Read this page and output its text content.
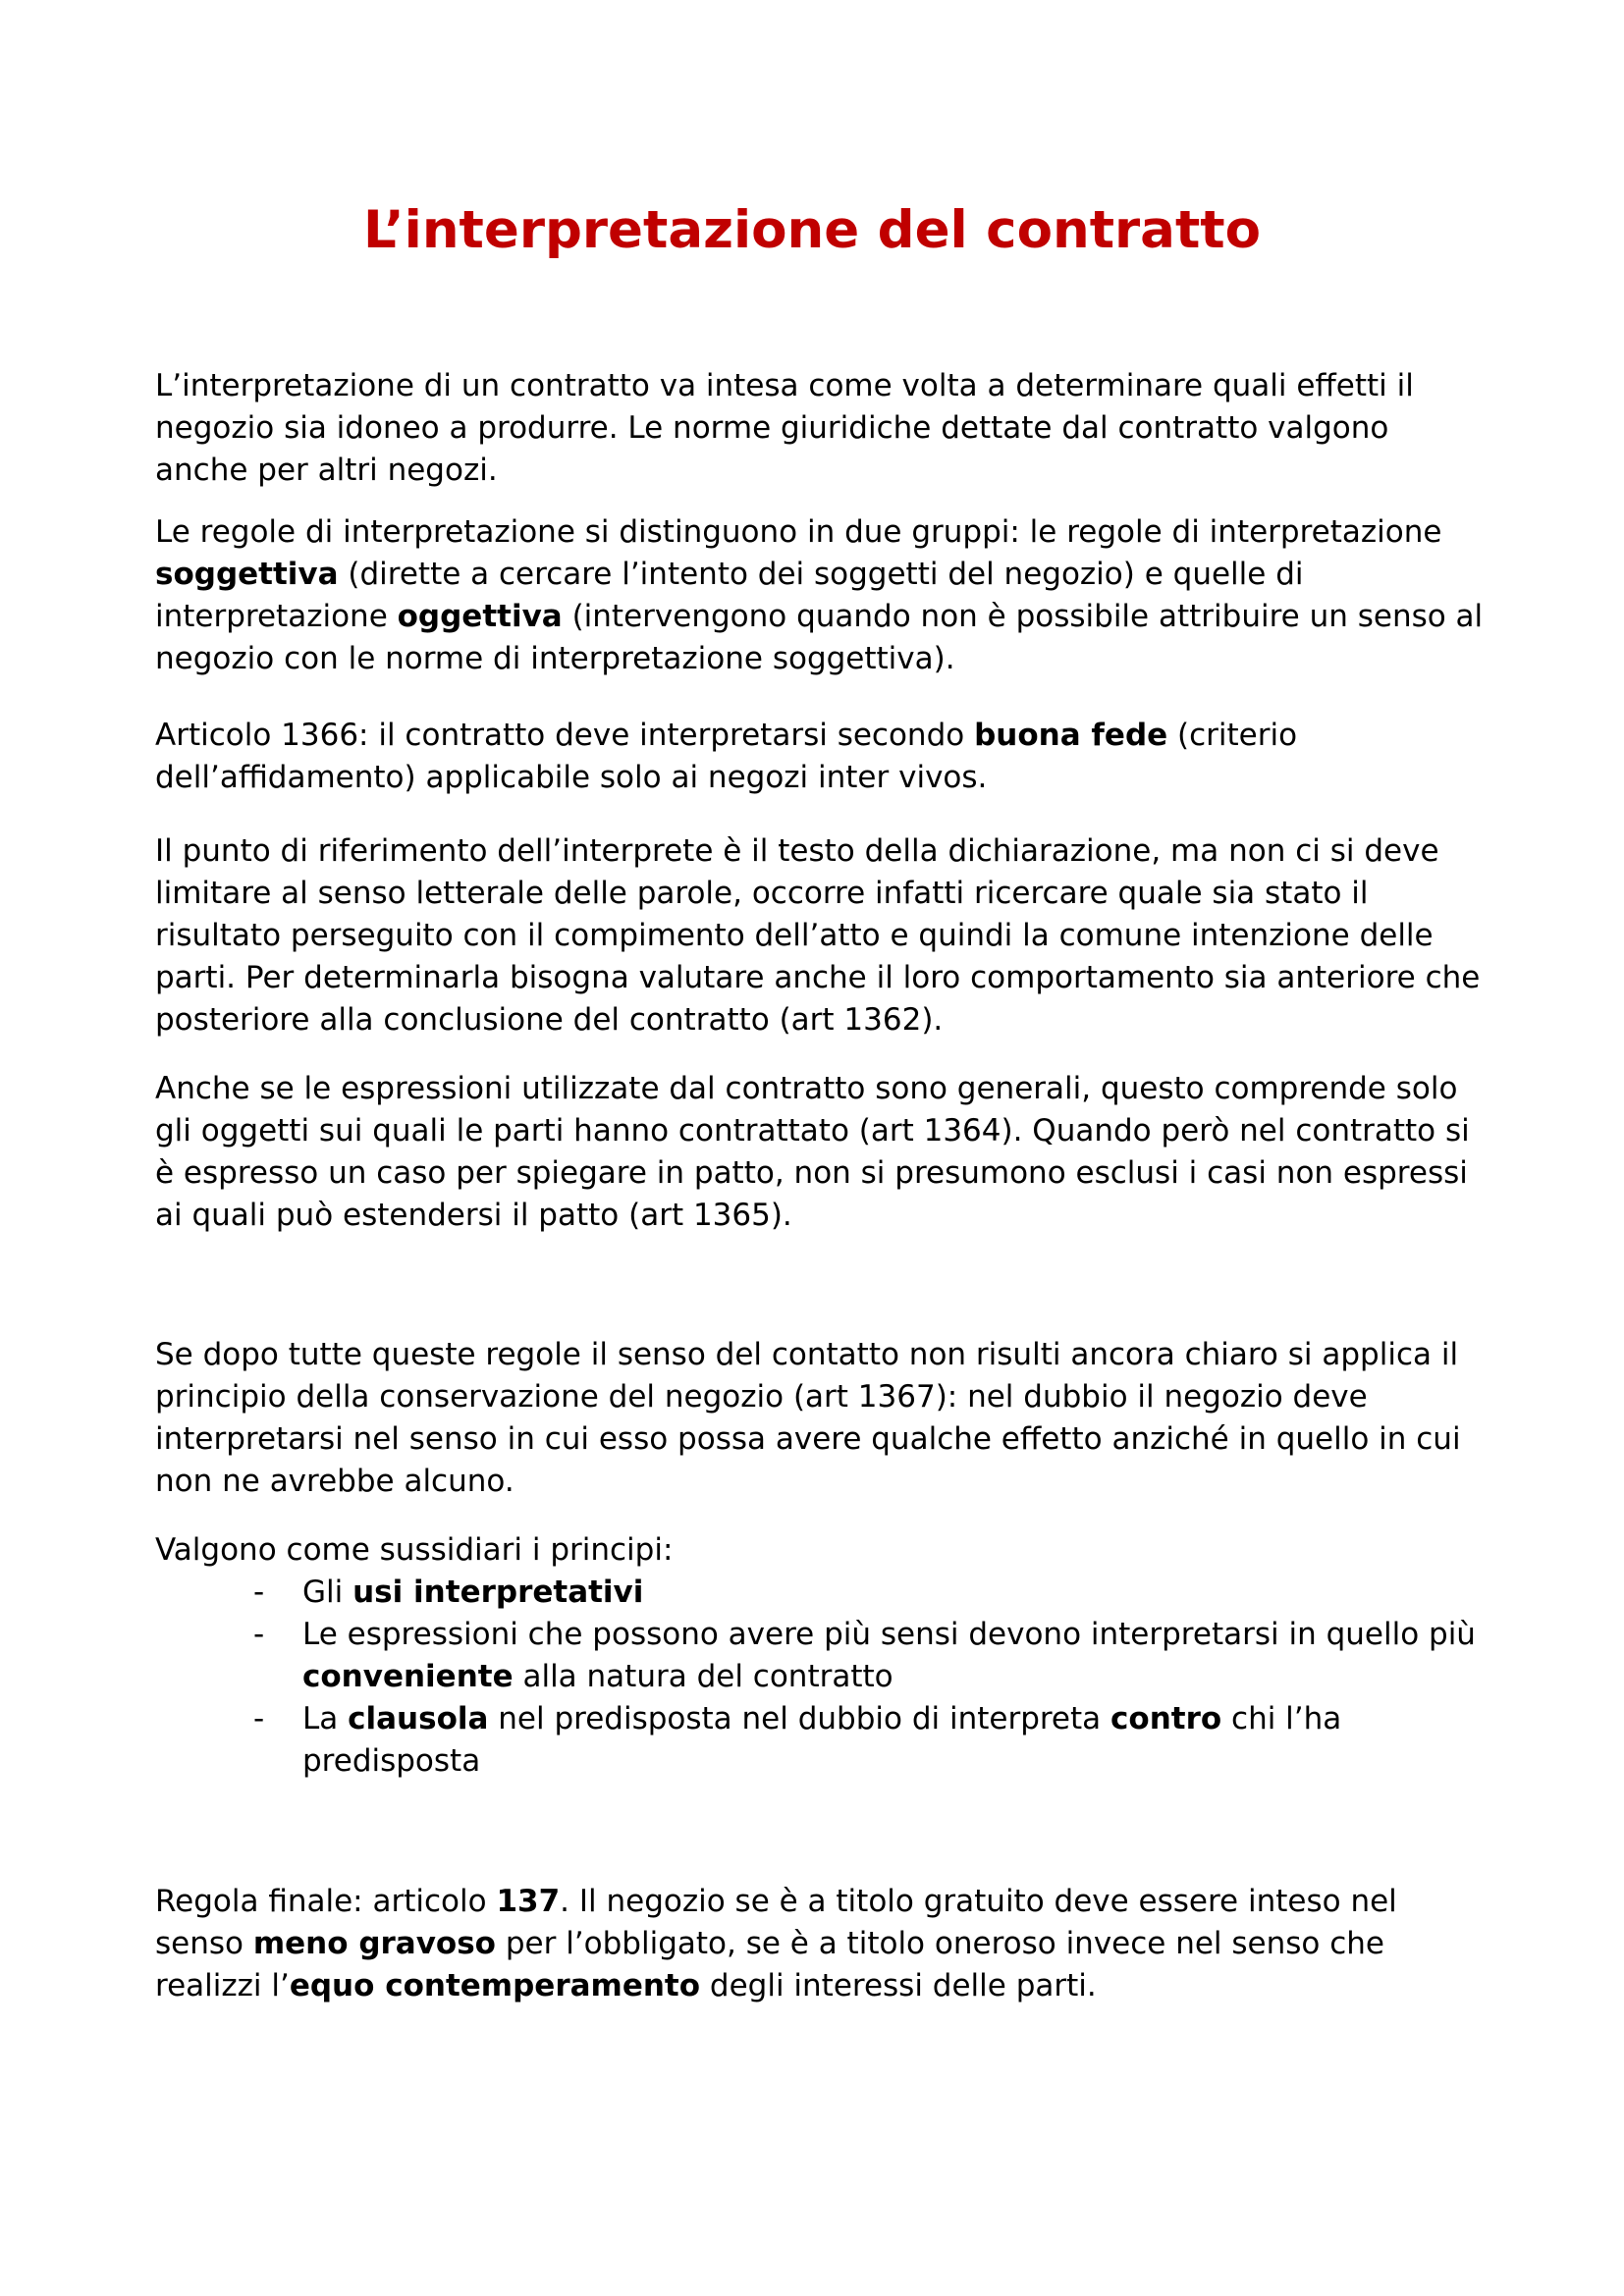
L’interpretazione del contratto

L’interpretazione di un contratto va intesa come volta a determinare quali effetti il negozio sia idoneo a produrre. Le norme giuridiche dettate dal contratto valgono anche per altri negozi.

Le regole di interpretazione si distinguono in due gruppi: le regole di interpretazione soggettiva (dirette a cercare l’intento dei soggetti del negozio) e quelle di interpretazione oggettiva (intervengono quando non è possibile attribuire un senso al negozio con le norme di interpretazione soggettiva).

Articolo 1366: il contratto deve interpretarsi secondo buona fede (criterio dell’affidamento) applicabile solo ai negozi inter vivos.

Il punto di riferimento dell’interprete è il testo della dichiarazione, ma non ci si deve limitare al senso letterale delle parole, occorre infatti ricercare quale sia stato il risultato perseguito con il compimento dell’atto e quindi la comune intenzione delle parti. Per determinarla bisogna valutare anche il loro comportamento sia anteriore che posteriore alla conclusione del contratto (art 1362).

Anche se le espressioni utilizzate dal contratto sono generali, questo comprende solo gli oggetti sui quali le parti hanno contrattato (art 1364). Quando però nel contratto si è espresso un caso per spiegare in patto, non si presumono esclusi i casi non espressi ai quali può estendersi il patto (art 1365).

Se dopo tutte queste regole il senso del contatto non risulti ancora chiaro si applica il principio della conservazione del negozio (art 1367): nel dubbio il negozio deve interpretarsi nel senso in cui esso possa avere qualche effetto anziché in quello in cui non ne avrebbe alcuno.

Valgono come sussidiari i principi:

- Gli usi interpretativi
- Le espressioni che possono avere più sensi devono interpretarsi in quello più conveniente alla natura del contratto
- La clausola nel predisposta nel dubbio di interpreta contro chi l’ha predisposta

Regola finale: articolo 137. Il negozio se è a titolo gratuito deve essere inteso nel senso meno gravoso per l’obbligato, se è a titolo oneroso invece nel senso che realizzi l’equo contemperamento degli interessi delle parti.
